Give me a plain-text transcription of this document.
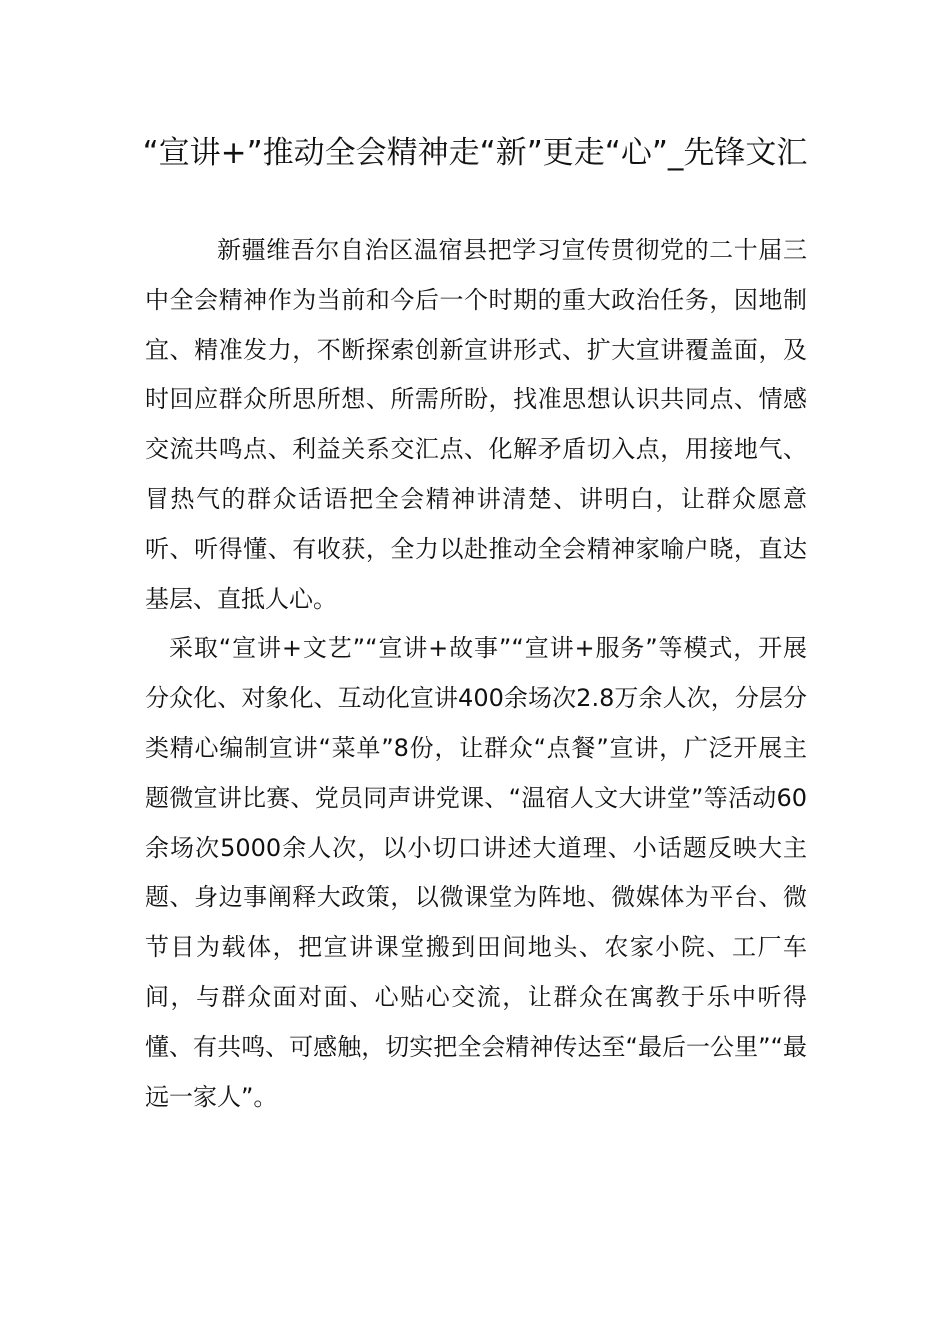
“宣讲+”推动全会精神走“新”更走“心”_先锋文汇

新疆维吾尔自治区温宿县把学习宣传贯彻党的二十届三中全会精神作为当前和今后一个时期的重大政治任务，因地制宜、精准发力，不断探索创新宣讲形式、扩大宣讲覆盖面，及时回应群众所思所想、所需所盼，找准思想认识共同点、情感交流共鸣点、利益关系交汇点、化解矛盾切入点，用接地气、冒热气的群众话语把全会精神讲清楚、讲明白，让群众愿意听、听得懂、有收获，全力以赴推动全会精神家喻户晓，直达基层、直抵人心。

采取“宣讲+文艺”“宣讲+故事”“宣讲+服务”等模式，开展分众化、对象化、互动化宣讲400余场次2.8万余人次，分层分类精心编制宣讲“菜单”8份，让群众“点餐”宣讲，广泛开展主题微宣讲比赛、党员同声讲党课、“温宿人文大讲堂”等活动60余场次5000余人次，以小切口讲述大道理、小话题反映大主题、身边事阐释大政策，以微课堂为阵地、微媒体为平台、微节目为载体，把宣讲课堂搬到田间地头、农家小院、工厂车间，与群众面对面、心贴心交流，让群众在寓教于乐中听得懂、有共鸣、可感触，切实把全会精神传达至“最后一公里”“最远一家人”。
